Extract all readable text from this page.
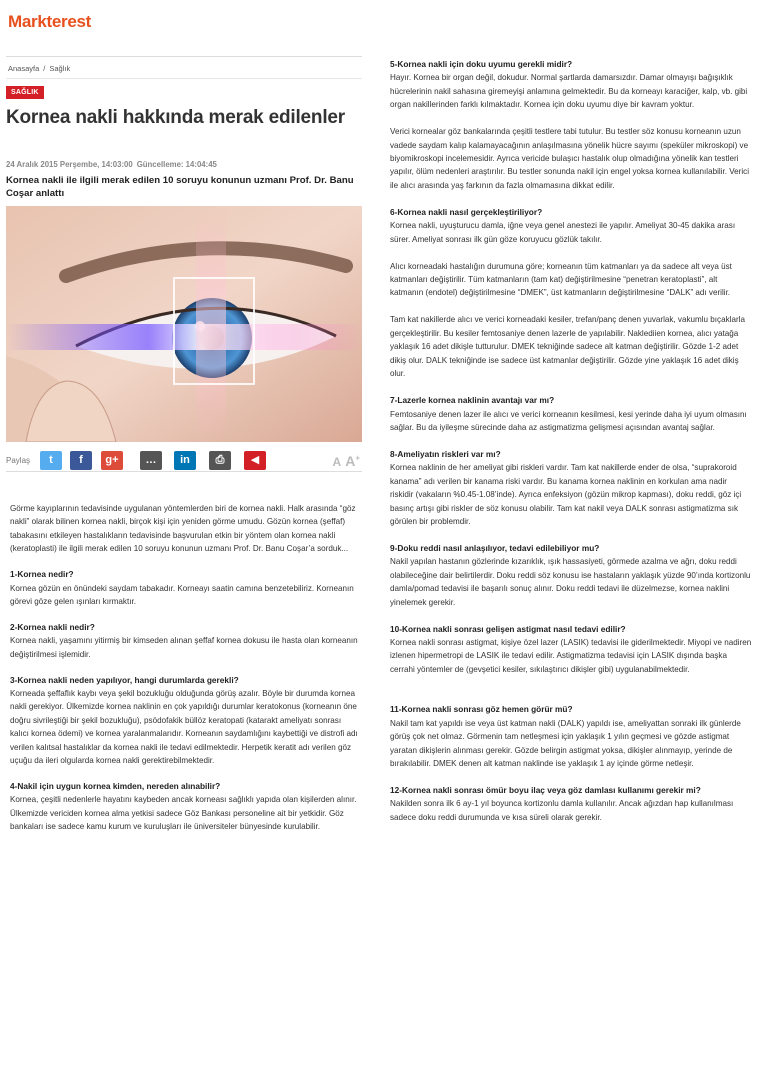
Markterest
Anasayfa / Sağlık
SAĞLIK
Kornea nakli hakkında merak edilenler
24 Aralık 2015 Perşembe, 14:03:00 Güncelleme: 14:04:45
Kornea nakli ile ilgili merak edilen 10 soruyu konunun uzmanı Prof. Dr. Banu Coşar anlattı
Paylaş	t	f	g+	…	in	⎙	◀	A A+

Görme kayıplarının tedavisinde uygulanan yöntemlerden biri de kornea nakli. Halk arasında “göz nakli” olarak bilinen kornea nakli, birçok kişi için yeniden görme umudu. Gözün kornea (şeffaf) tabakasını etkileyen hastalıkların tedavisinde başvurulan etkin bir yöntem olan kornea nakli (keratoplasti) ile ilgili merak edilen 10 soruyu konunun uzmanı Prof. Dr. Banu Coşar’a sorduk...

1-Kornea nedir?

Kornea gözün en önündeki saydam tabakadır. Korneayı saatin camına benzetebiliriz. Korneanın görevi göze gelen ışınları kırmaktır.

2-Kornea nakli nedir?

Kornea nakli, yaşamını yitirmiş bir kimseden alınan şeffaf kornea dokusu ile hasta olan korneanın değiştirilmesi işlemidir.

3-Kornea nakli neden yapılıyor, hangi durumlarda gerekli?

Korneada şeffaflık kaybı veya şekil bozukluğu olduğunda görüş azalır. Böyle bir durumda kornea nakli gerekiyor. Ülkemizde kornea naklinin en çok yapıldığı durumlar keratokonus (korneanın öne doğru sivrileştiği bir şekil bozukluğu), psödofakik büllöz keratopati (katarakt ameliyatı sonrası kalıcı kornea ödemi) ve kornea yaralanmalarıdır. Korneanın saydamlığını kaybettiği ve distrofi adı verilen kalıtsal hastalıklar da kornea nakli ile tedavi edilmektedir. Herpetik keratit adı verilen göz uçuğu da ileri olgularda kornea nakli gerektirebilmektedir.

4-Nakil için uygun kornea kimden, nereden alınabilir?

Kornea, çeşitli nedenlerle hayatını kaybeden ancak korneası sağlıklı yapıda olan kişilerden alınır. Ülkemizde vericiden kornea alma yetkisi sadece Göz Bankası personeline ait bir yetkidir. Göz bankaları ise sadece kamu kurum ve kuruluşları ile üniversiteler bünyesinde kurulabilir.

5-Kornea nakli için doku uyumu gerekli midir?

Hayır. Kornea bir organ değil, dokudur. Normal şartlarda damarsızdır. Damar olmayışı bağışıklık hücrelerinin nakil sahasına giremeyişi anlamına gelmektedir. Bu da korneayı karaciğer, kalp, vb. gibi organ nakillerinden farklı kılmaktadır. Kornea için doku uyumu diye bir kavram yoktur.

Verici kornealar göz bankalarında çeşitli testlere tabi tutulur. Bu testler söz konusu korneanın uzun vadede saydam kalıp kalamayacağının anlaşılmasına yönelik hücre sayımı (speküler mikroskopi) ve biyomikroskopi incelemesidir. Ayrıca vericide bulaşıcı hastalık olup olmadığına yönelik kan testleri yapılır, ölüm nedenleri araştırılır. Bu testler sonunda nakil için engel yoksa kornea kullanılabilir. Verici ile alıcı arasında yaş farkının da fazla olmamasına dikkat edilir.

6-Kornea nakli nasıl gerçekleştiriliyor?

Kornea nakli, uyuşturucu damla, iğne veya genel anestezi ile yapılır. Ameliyat 30-45 dakika arası sürer. Ameliyat sonrası ilk gün göze koruyucu gözlük takılır.

Alıcı korneadaki hastalığın durumuna göre; korneanın tüm katmanları ya da sadece alt veya üst katmanları değiştirilir. Tüm katmanların (tam kat) değiştirilmesine “penetran keratoplasti”, alt katmanın (endotel) değiştirilmesine “DMEK”, üst katmanların değiştirilmesine “DALK” adı verilir.

Tam kat nakillerde alıcı ve verici korneadaki kesiler, trefan/panç denen yuvarlak, vakumlu bıçaklarla gerçekleştirilir. Bu kesiler femtosaniye denen lazerle de yapılabilir. Naklediien kornea, alıcı yatağa yaklaşık 16 adet dikişle tutturulur. DMEK tekniğinde sadece alt katman değiştirilir. Gözde 1-2 adet dikiş olur. DALK tekniğinde ise sadece üst katmanlar değiştirilir. Gözde yine yaklaşık 16 adet dikiş olur.

7-Lazerle kornea naklinin avantajı var mı?

Femtosaniye denen lazer ile alıcı ve verici korneanın kesilmesi, kesi yerinde daha iyi uyum olmasını sağlar. Bu da iyileşme sürecinde daha az astigmatizma gelişmesi açısından avantaj sağlar.

8-Ameliyatın riskleri var mı?

Kornea naklinin de her ameliyat gibi riskleri vardır. Tam kat nakillerde ender de olsa, “suprakoroid kanama” adı verilen bir kanama riski vardır. Bu kanama kornea naklinin en korkulan ama nadir riskidir (vakaların %0.45-1.08’inde). Ayrıca enfeksiyon (gözün mikrop kapması), doku reddi, göz içi basınç artışı gibi riskler de söz konusu olabilir. Tam kat nakil veya DALK sonrası astigmatizma sık görülen bir problemdir.

9-Doku reddi nasıl anlaşılıyor, tedavi edilebiliyor mu?

Nakil yapılan hastanın gözlerinde kızarıklık, ışık hassasiyeti, görmede azalma ve ağrı, doku reddi olabileceğine dair belirtilerdir. Doku reddi söz konusu ise hastaların yaklaşık yüzde 90’ında kortizonlu damla/pomad tedavisi ile başarılı sonuç alınır. Doku reddi tedavi ile düzelmezse, kornea naklini yinelemek gerekir.

10-Kornea nakli sonrası gelişen astigmat nasıl tedavi edilir?

Kornea nakli sonrası astigmat, kişiye özel lazer (LASIK) tedavisi ile giderilmektedir. Miyopi ve nadiren izlenen hipermetropi de LASIK ile tedavi edilir. Astigmatizma tedavisi için LASIK dışında başka cerrahi yöntemler de (gevşetici kesiler, sıkılaştırıcı dikişler gibi) uygulanabilmektedir.

11-Kornea nakli sonrası göz hemen görür mü?

Nakil tam kat yapıldı ise veya üst katman nakli (DALK) yapıldı ise, ameliyattan sonraki ilk günlerde görüş çok net olmaz. Görmenin tam netleşmesi için yaklaşık 1 yılın geçmesi ve gözde astigmat yaratan dikişlerin alınması gerekir. Gözde belirgin astigmat yoksa, dikişler alınmayıp, yerinde de bırakılabilir. DMEK denen alt katman naklinde ise yaklaşık 1 ay içinde görme netleşir.

12-Kornea nakli sonrası ömür boyu ilaç veya göz damlası kullanımı gerekir mi?

Nakilden sonra ilk 6 ay-1 yıl boyunca kortizonlu damla kullanılır. Ancak ağızdan hap kullanılması sadece doku reddi durumunda ve kısa süreli olarak gerekir.
